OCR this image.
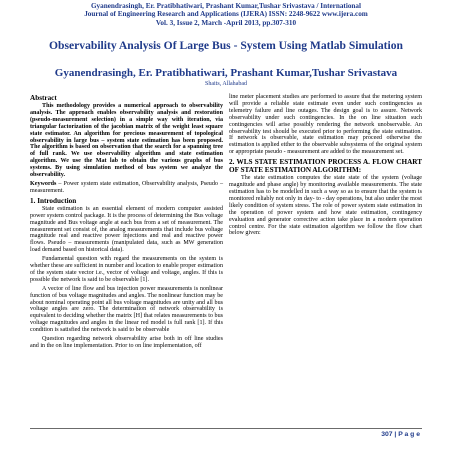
Gyanendrasingh, Er. Pratibhatiwari, Prashant Kumar,Tushar Srivastava / International
Journal of Engineering Research and Applications (IJERA) ISSN: 2248-9622 www.ijera.com
Vol. 3, Issue 2, March -April 2013, pp.307-310
Observability Analysis Of Large Bus - System Using Matlab Simulation
Gyanendrasingh, Er. Pratibhatiwari, Prashant Kumar,Tushar Srivastava
Shaits, Allahabad
Abstract

This methodology provides a numerical approach to observability analysis. The approach enables observability analysis and restoration (pseudo-measurement selection) in a simple way with iteration, via triangular factorization of the jacobian matrix of the weight least square state estimator. An algorithm for precious measurement of topological observability in large bus – system state estimation has been proposed. The algorithm is based on observation that the search for a spanning tree of full rank. We use observability algorithm and state estimation algorithm. We use the Mat lab to obtain the various graphs of bus systems. By using simulation method of bus system we analyze the observability.

Keywords – Power system state estimation, Observability analysis, Pseudo – measurement.

1. Introduction

State estimation is an essential element of modern computer assisted power system control package. It is the process of determining the Bus voltage magnitude and Bus voltage angle at each bus from a set of measurement. The measurement set consist of, the analog measurements that include bus voltage magnitude real and reactive power injections and real and reactive power flows. Pseudo – measurements (manipulated data, such as MW generation load demand based on historical data).

Fundamental question with regard the measurements on the system is whether these are sufficient in number and location to enable proper estimation of the system state vector i.e., vector of voltage and voltage, angles. If this is possible the network is said to be observable [1].

A vector of line flow and bus injection power measurements is nonlinear function of bus voltage magnitudes and angles. The nonlinear function may be about nominal operating point all bus voltage magnitudes are unity and all bus voltage angles are zero. The determination of network observability is equivalent to deciding whether the matrix [H] that relates measurements to bus voltage magnitudes and angles in the linear red model is full rank [1]. If this condition is satisfied the network is said to be observable

Question regarding network observability arise both in off line studies and in the on line implementation. Prior to on line implementation, off

line meter placement studies are performed to assure that the metering system will provide a reliable state estimate even under such contingencies as telemetry failure and line outages. The design goal is to assure. Network observability under such contingencies. In the on line situation such contingencies will arise possibly rendering the network unobservable. An observability test should be executed prior to performing the state estimation. If network is observable, state estimation may proceed otherwise the estimation is applied either to the observable subsystems of the original system or appropriate pseudo - measurement are added to the measurement set.

2. WLS STATE ESTIMATION PROCESS A. FLOW CHART OF STATE ESTIMATION ALGORITHM:

The state estimation computes the state state of the system (voltage magnitude and phase angle) by monitoring available measurements. The state estimation has to be modelled in such a way so as to ensure that the system is monitored reliably not only in day- to - day operations, but also under the most likely condition of system stress. The role of power system state estimation in the operation of power system and how state estimation, contingency evaluation and generator corrective action take place in a modern operation control centre. For the state estimation algorithm we follow the flow chart below given:

307 | P a g e
